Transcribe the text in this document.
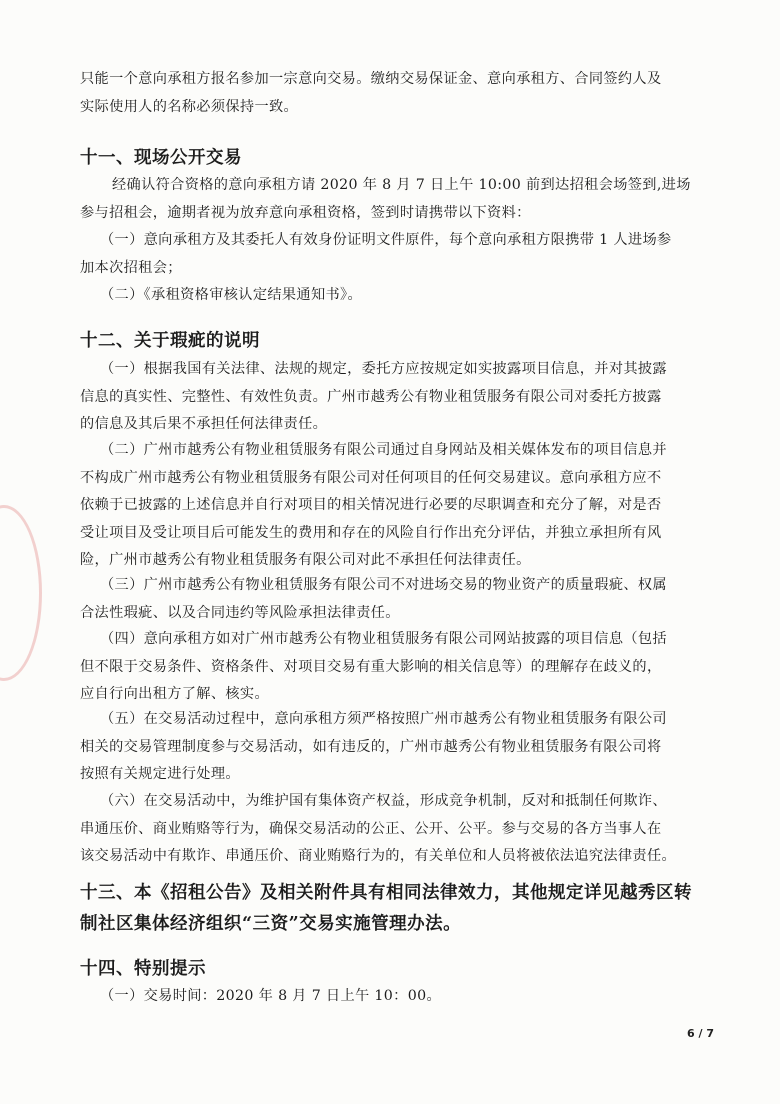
只能一个意向承租方报名参加一宗意向交易。缴纳交易保证金、意向承租方、合同签约人及
实际使用人的名称必须保持一致。

十一、现场公开交易

经确认符合资格的意向承租方请 2020 年 8 月 7 日上午 10:00 前到达招租会场签到,进场
参与招租会，逾期者视为放弃意向承租资格，签到时请携带以下资料：

（一）意向承租方及其委托人有效身份证明文件原件，每个意向承租方限携带 1 人进场参
加本次招租会；

（二）《承租资格审核认定结果通知书》。

十二、关于瑕疵的说明

（一）根据我国有关法律、法规的规定，委托方应按规定如实披露项目信息，并对其披露
信息的真实性、完整性、有效性负责。广州市越秀公有物业租赁服务有限公司对委托方披露
的信息及其后果不承担任何法律责任。

（二）广州市越秀公有物业租赁服务有限公司通过自身网站及相关媒体发布的项目信息并
不构成广州市越秀公有物业租赁服务有限公司对任何项目的任何交易建议。意向承租方应不
依赖于已披露的上述信息并自行对项目的相关情况进行必要的尽职调查和充分了解，对是否
受让项目及受让项目后可能发生的费用和存在的风险自行作出充分评估，并独立承担所有风
险，广州市越秀公有物业租赁服务有限公司对此不承担任何法律责任。

（三）广州市越秀公有物业租赁服务有限公司不对进场交易的物业资产的质量瑕疵、权属
合法性瑕疵、以及合同违约等风险承担法律责任。

（四）意向承租方如对广州市越秀公有物业租赁服务有限公司网站披露的项目信息（包括
但不限于交易条件、资格条件、对项目交易有重大影响的相关信息等）的理解存在歧义的，
应自行向出租方了解、核实。

（五）在交易活动过程中，意向承租方须严格按照广州市越秀公有物业租赁服务有限公司
相关的交易管理制度参与交易活动，如有违反的，广州市越秀公有物业租赁服务有限公司将
按照有关规定进行处理。

（六）在交易活动中，为维护国有集体资产权益，形成竞争机制，反对和抵制任何欺诈、
串通压价、商业贿赂等行为，确保交易活动的公正、公开、公平。参与交易的各方当事人在
该交易活动中有欺诈、串通压价、商业贿赂行为的，有关单位和人员将被依法追究法律责任。

十三、本《招租公告》及相关附件具有相同法律效力，其他规定详见越秀区转
制社区集体经济组织“三资”交易实施管理办法。
十四、特别提示

（一）交易时间：2020 年 8 月 7 日上午 10：00。

6 / 7
